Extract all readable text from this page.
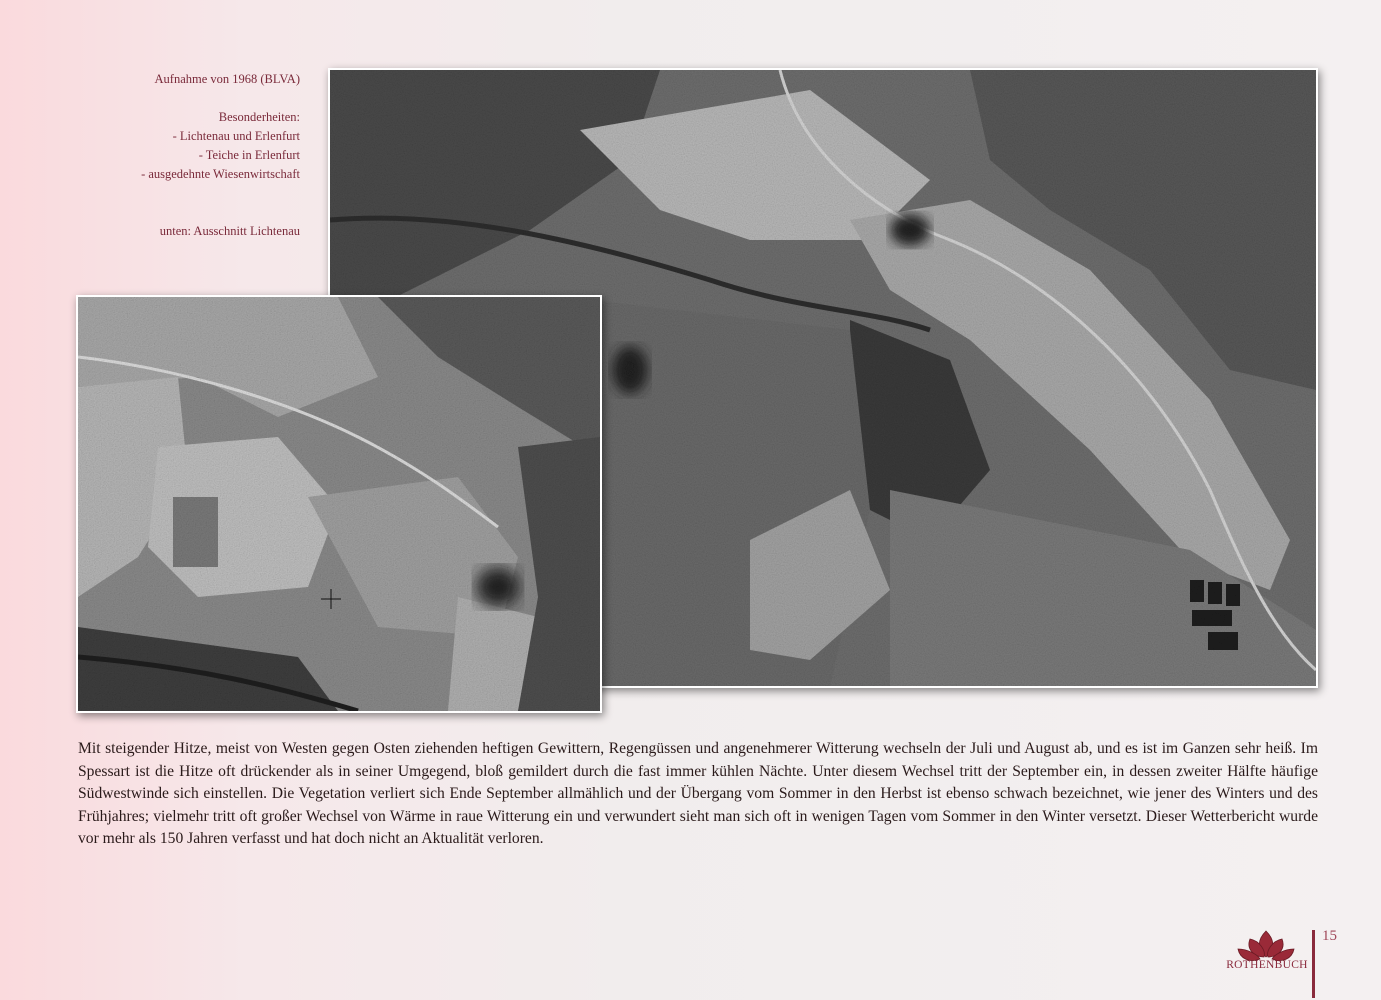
Aufnahme von 1968 (BLVA)
Besonderheiten:
- Lichtenau und Erlenfurt
- Teiche in Erlenfurt
- ausgedehnte Wiesenwirtschaft
unten: Ausschnitt Lichtenau
Mit steigender Hitze, meist von Westen gegen Osten ziehenden heftigen Gewittern, Regengüssen und angenehmerer Witterung wechseln der Juli und August ab, und es ist im Ganzen sehr heiß. Im Spessart ist die Hitze oft drückender als in seiner Umgegend, bloß gemildert durch die fast immer kühlen Nächte. Unter diesem Wechsel tritt der September ein, in dessen zweiter Hälfte häufige Südwestwinde sich einstellen. Die Vegetation verliert sich Ende September allmählich und der Übergang vom Sommer in den Herbst ist ebenso schwach bezeichnet, wie jener des Winters und des Frühjahres; vielmehr tritt oft großer Wechsel von Wärme in raue Witterung ein und verwundert sieht man sich oft in wenigen Tagen vom Sommer in den Winter versetzt. Dieser Wetterbericht wurde vor mehr als 150 Jahren verfasst und hat doch nicht an Aktualität verloren.
ROTHENBUCH
15
